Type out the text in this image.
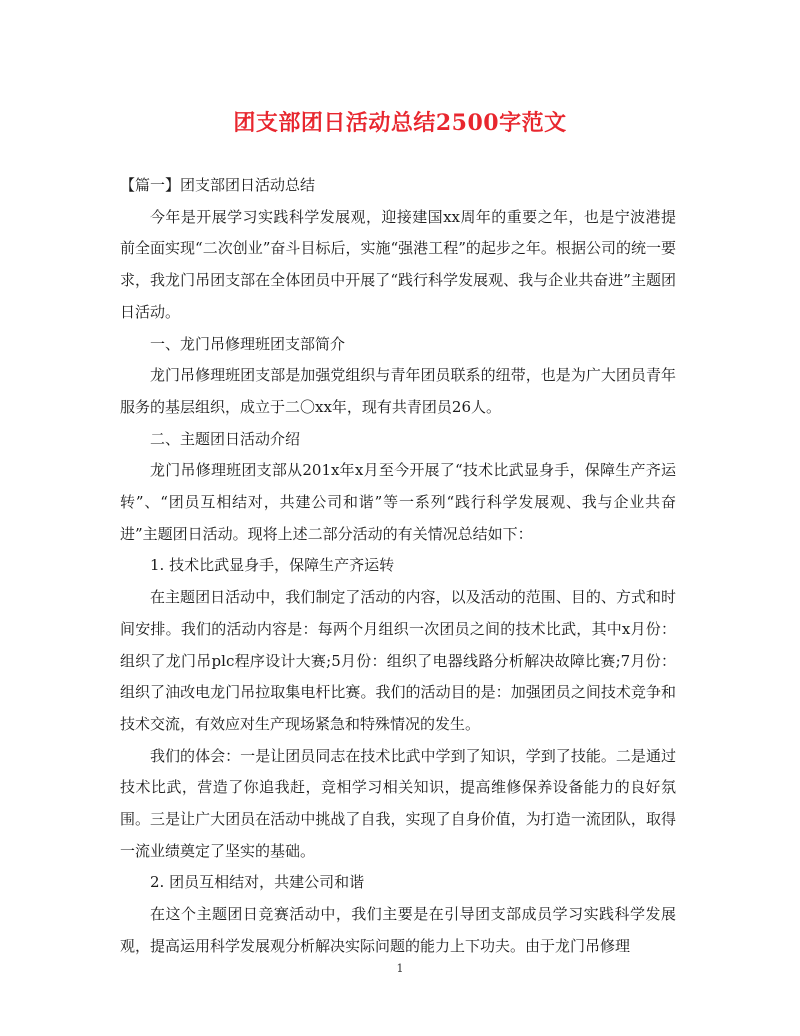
团支部团日活动总结2500字范文

【篇一】团支部团日活动总结

今年是开展学习实践科学发展观，迎接建国xx周年的重要之年，也是宁波港提前全面实现“二次创业”奋斗目标后，实施“强港工程”的起步之年。根据公司的统一要求，我龙门吊团支部在全体团员中开展了“践行科学发展观、我与企业共奋进”主题团日活动。

一、龙门吊修理班团支部简介

龙门吊修理班团支部是加强党组织与青年团员联系的纽带，也是为广大团员青年服务的基层组织，成立于二〇xx年，现有共青团员26人。

二、主题团日活动介绍

龙门吊修理班团支部从201x年x月至今开展了“技术比武显身手，保障生产齐运转”、“团员互相结对，共建公司和谐”等一系列“践行科学发展观、我与企业共奋进”主题团日活动。现将上述二部分活动的有关情况总结如下：

1. 技术比武显身手，保障生产齐运转

在主题团日活动中，我们制定了活动的内容，以及活动的范围、目的、方式和时间安排。我们的活动内容是：每两个月组织一次团员之间的技术比武，其中x月份：组织了龙门吊plc程序设计大赛;5月份：组织了电器线路分析解决故障比赛;7月份：组织了油改电龙门吊拉取集电杆比赛。我们的活动目的是：加强团员之间技术竞争和技术交流，有效应对生产现场紧急和特殊情况的发生。

我们的体会：一是让团员同志在技术比武中学到了知识，学到了技能。二是通过技术比武，营造了你追我赶，竞相学习相关知识，提高维修保养设备能力的良好氛围。三是让广大团员在活动中挑战了自我，实现了自身价值，为打造一流团队，取得一流业绩奠定了坚实的基础。

2. 团员互相结对，共建公司和谐

在这个主题团日竞赛活动中，我们主要是在引导团支部成员学习实践科学发展观，提高运用科学发展观分析解决实际问题的能力上下功夫。由于龙门吊修理

1
